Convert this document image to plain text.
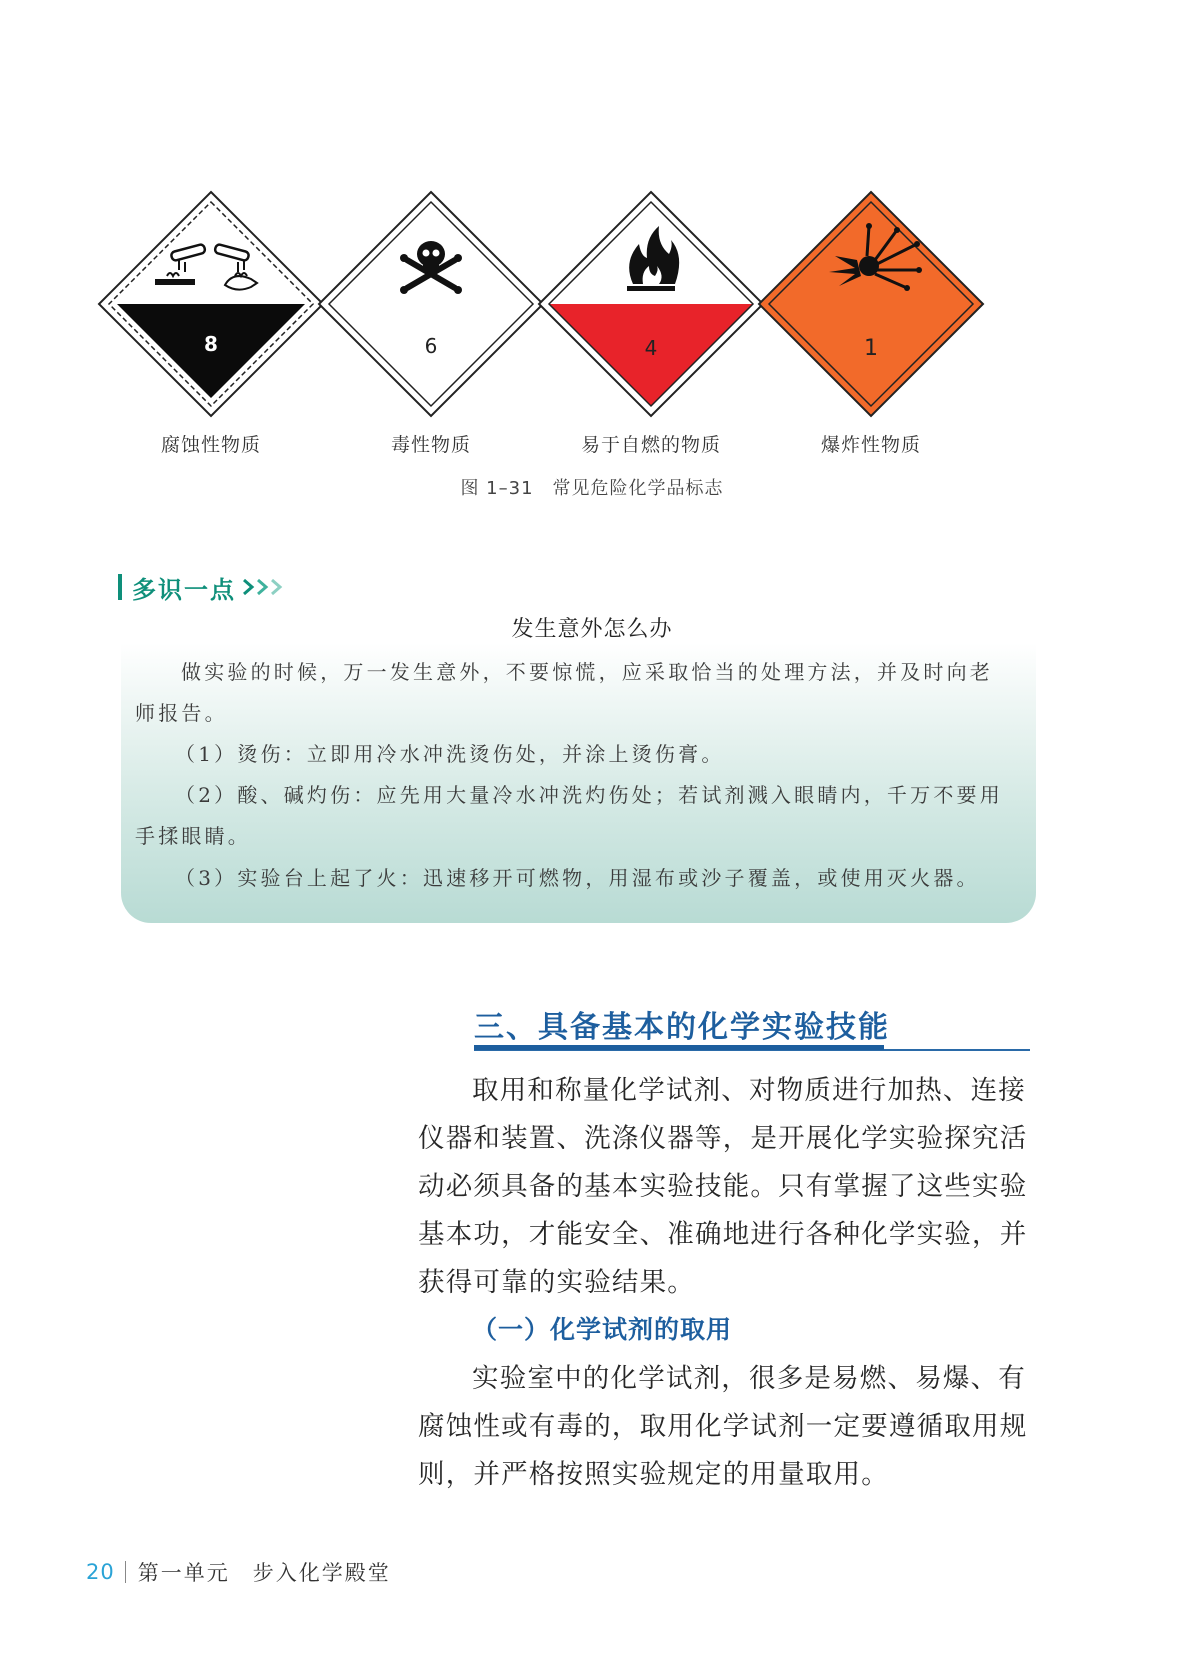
8	6	4	1
腐蚀性物质	毒性物质	易于自燃的物质	爆炸性物质
图 1–31　常见危险化学品标志
多识一点
发生意外怎么办
做实验的时候，万一发生意外，不要惊慌，应采取恰当的处理方法，并及时向老
师报告。
（1）烫伤：立即用冷水冲洗烫伤处，并涂上烫伤膏。
（2）酸、碱灼伤：应先用大量冷水冲洗灼伤处；若试剂溅入眼睛内，千万不要用
手揉眼睛。
（3）实验台上起了火：迅速移开可燃物，用湿布或沙子覆盖，或使用灭火器。
三、具备基本的化学实验技能
取用和称量化学试剂、对物质进行加热、连接
仪器和装置、洗涤仪器等，是开展化学实验探究活
动必须具备的基本实验技能。只有掌握了这些实验
基本功，才能安全、准确地进行各种化学实验，并
获得可靠的实验结果。
（一）化学试剂的取用
实验室中的化学试剂，很多是易燃、易爆、有
腐蚀性或有毒的，取用化学试剂一定要遵循取用规
则，并严格按照实验规定的用量取用。
20 第一单元　步入化学殿堂
